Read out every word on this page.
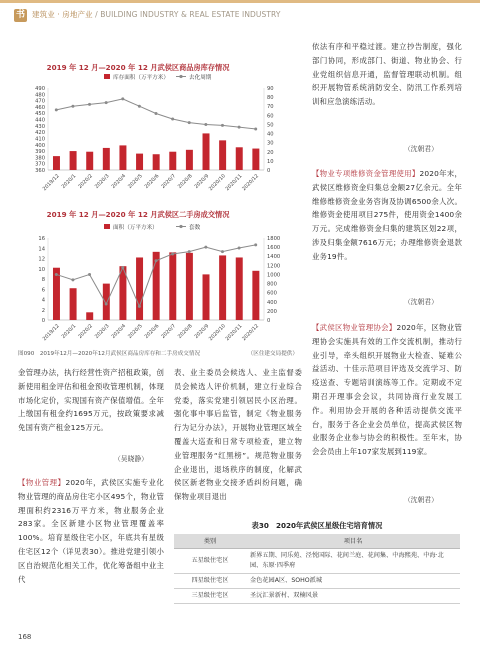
书 建筑业 · 房地产业 / BUILDING INDUSTRY & REAL ESTATE INDUSTRY
2019 年 12 月—2020 年 12 月武侯区商品房库存情况
2019 年 12 月—2020 年 12 月武侯区二手房成交情况
库存面积（万平方米）	去化周期
360
370
380
390
400
410
420
430
440
450
460
470
480
490
0
10
20
30
40
50
60
70
80
90
2019/12 2020/1 2020/2 2020/3 2020/4 2020/5 2020/6 2020/7 2020/8 2020/9
2020/10
2020/11
2020/12
面积（万平方米）	套数
0
2
4
6
8
10
12
14
16
0
200
400
600
800
1000
1200
1400
1600
1800
2019/12 2020/1 2020/2 2020/3 2020/4 2020/5 2020/6 2020/7 2020/8 2020/9
2020/10
2020/11
2020/12
图090　2019年12月—2020年12月武侯区商品房库存和二手房成交情况	（区住建交局提供）
依法有序和平稳过渡。建立抄告制度，强化部门协同，形成部门、街道、物业协会、行业党组织信息开通，监督管理联动机制。组织开展物管系统消防安全、防汛工作系列培训和应急演练活动。
（沈朝君）
【物业专项维修资金管理使用】2020年末，武侯区维修资金归集总金额27亿余元。全年维修维修资金业务咨询及协调6500余人次。维修资金使用项目275件，使用资金1400余万元。完成维修资金归集的建筑区划22项，涉及归集金额7616万元；办理维修资金退款业务19件。
（沈朝君）
【武侯区物业管理协会】2020年，区物业管理协会实施具有效的工作交流机制，推动行业引导，牵头组织开展物业大检查、疑难公益活动、十佳示范项目评选及交流学习、防疫送查、专题培训演练等工作。定期或不定期召开理事会会议，共同协商行业发展工作。利用协会开展的各种活动提供交流平台，服务于各企业会员单位，提高武侯区物业服务企业参与协会的积极性。至年末，协会会员由上年107家发展到119家。
（沈朝君）
金管理办法，执行经营性资产招租政策，创新使用租金评估和租金预收管理机制，体现市场化定价，实现国有资产保值增值。全年上缴国有租金约1695万元，按政策要求减免国有资产租金125万元。
（吴晓静）
【物业管理】2020年，武侯区实施专业化物业管理的商品房住宅小区495个，物业管理面积约2316万平方米，物业服务企业283家。全区新建小区物业管理覆盖率100%。培育星级住宅小区，年底共有星级住宅区12个（详见表30）。推进党建引领小区自治规范化相关工作，优化筹备组中业主代
表、业主委员会候选人、业主监督委员会候选人评价机制，建立行业综合党委，落实党建引领居民小区治理。强化事中事后监管，制定《物业服务行为记分办法》，开展物业管理区域全覆盖大巡查和日常专项检查，建立物业管理服务“红黑榜”。规范物业服务企业退出，退场秩序的制度，化解武侯区新老物业交接矛盾纠纷问题，确保物业项目退出
表30　2020年武侯区星级住宅培育情况
类别	项目名
五星级住宅区	新界五期、同乐苑、泾悦国际、花间兰庭、花间集、中海熙苑、中海·北园、东原·四季府
四星级住宅区	金色花园A区、SOHO派城
三星级住宅区	圣沅汇景新村、双楠风景
168
